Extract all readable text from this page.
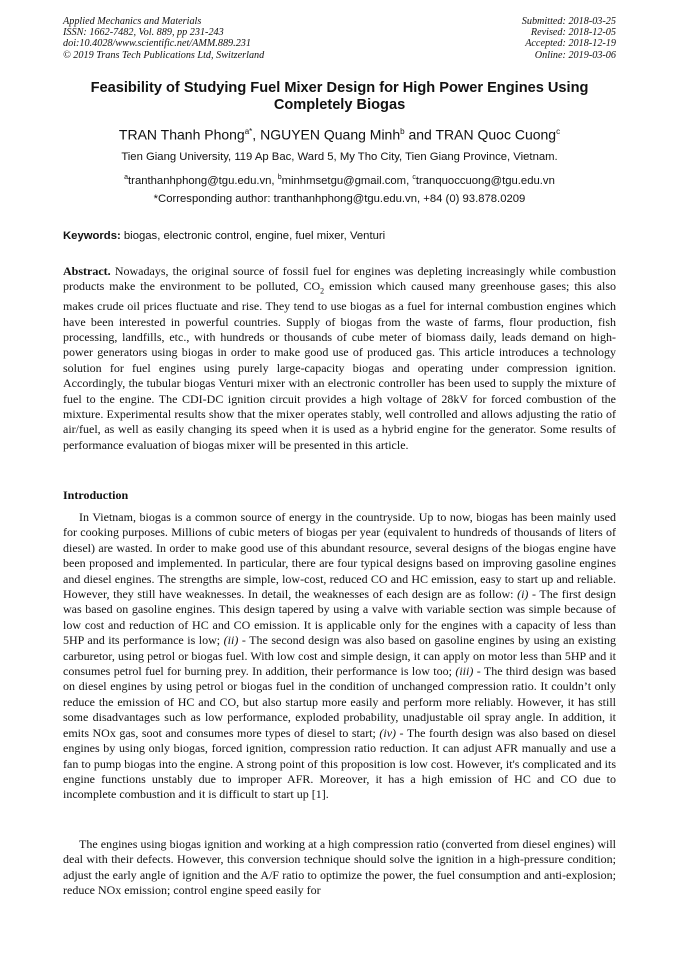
Applied Mechanics and Materials	Submitted: 2018-03-25
ISSN: 1662-7482, Vol. 889, pp 231-243	Revised: 2018-12-05
doi:10.4028/www.scientific.net/AMM.889.231	Accepted: 2018-12-19
© 2019 Trans Tech Publications Ltd, Switzerland	Online: 2019-03-06
Feasibility of Studying Fuel Mixer Design for High Power Engines Using Completely Biogas
TRAN Thanh Phong$^{a*}$, NGUYEN Quang Minh$^b$ and TRAN Quoc Cuong$^c$
Tien Giang University, 119 Ap Bac, Ward 5, My Tho City, Tien Giang Province, Vietnam.
$^a$tranthanhphong@tgu.edu.vn, $^b$minhmsetgu@gmail.com, $^c$tranquoccuong@tgu.edu.vn
*Corresponding author: tranthanhphong@tgu.edu.vn, +84 (0) 93.878.0209
Keywords: biogas, electronic control, engine, fuel mixer, Venturi

Abstract. Nowadays, the original source of fossil fuel for engines was depleting increasingly while combustion products make the environment to be polluted, $CO_2$ emission which caused many greenhouse gases; this also makes crude oil prices fluctuate and rise. They tend to use biogas as a fuel for internal combustion engines which have been interested in powerful countries. Supply of biogas from the waste of farms, flour production, fish processing, landfills, etc., with hundreds or thousands of cube meter of biomass daily, leads demand on high-power generators using biogas in order to make good use of produced gas. This article introduces a technology solution for fuel engines using purely large-capacity biogas and operating under compression ignition. Accordingly, the tubular biogas Venturi mixer with an electronic controller has been used to supply the mixture of fuel to the engine. The CDI-DC ignition circuit provides a high voltage of 28kV for forced combustion of the mixture. Experimental results show that the mixer operates stably, well controlled and allows adjusting the ratio of air/fuel, as well as easily changing its speed when it is used as a hybrid engine for the generator. Some results of performance evaluation of biogas mixer will be presented in this article.

Introduction

In Vietnam, biogas is a common source of energy in the countryside. Up to now, biogas has been mainly used for cooking purposes. Millions of cubic meters of biogas per year (equivalent to hundreds of thousands of liters of diesel) are wasted. In order to make good use of this abundant resource, several designs of the biogas engine have been proposed and implemented. In particular, there are four typical designs based on improving gasoline engines and diesel engines. The strengths are simple, low-cost, reduced CO and HC emission, easy to start up and reliable. However, they still have weaknesses. In detail, the weaknesses of each design are as follow: (i) - The first design was based on gasoline engines. This design tapered by using a valve with variable section was simple because of low cost and reduction of HC and CO emission. It is applicable only for the engines with a capacity of less than 5HP and its performance is low; (ii) - The second design was also based on gasoline engines by using an existing carburetor, using petrol or biogas fuel. With low cost and simple design, it can apply on motor less than 5HP and it consumes petrol fuel for burning prey. In addition, their performance is low too; (iii) - The third design was based on diesel engines by using petrol or biogas fuel in the condition of unchanged compression ratio. It couldn’t only reduce the emission of HC and CO, but also startup more easily and perform more reliably. However, it has still some disadvantages such as low performance, exploded probability, unadjustable oil spray angle. In addition, it emits NOx gas, soot and consumes more types of diesel to start; (iv) - The fourth design was also based on diesel engines by using only biogas, forced ignition, compression ratio reduction. It can adjust AFR manually and use a fan to pump biogas into the engine. A strong point of this proposition is low cost. However, it's complicated and its engine functions unstably due to improper AFR. Moreover, it has a high emission of HC and CO due to incomplete combustion and it is difficult to start up [1].

The engines using biogas ignition and working at a high compression ratio (converted from diesel engines) will deal with their defects. However, this conversion technique should solve the ignition in a high-pressure condition; adjust the early angle of ignition and the A/F ratio to optimize the power, the fuel consumption and anti-explosion; reduce NOx emission; control engine speed easily for
